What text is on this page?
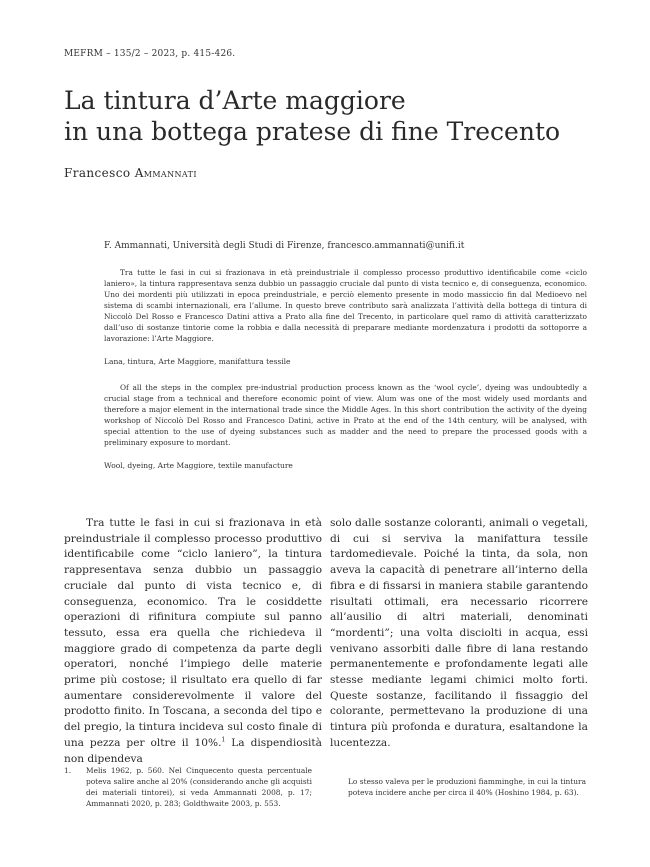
MEFRM – 135/2 – 2023, p. 415-426.
La tintura d’Arte maggiore
in una bottega pratese di fine Trecento
Francesco Ammannati
F. Ammannati, Università degli Studi di Firenze, francesco.ammannati@unifi.it

Tra tutte le fasi in cui si frazionava in età preindustriale il complesso processo produttivo identificabile come «ciclo laniero», la tintura rappresentava senza dubbio un passaggio cruciale dal punto di vista tecnico e, di conseguenza, economico. Uno dei mordenti più utilizzati in epoca preindustriale, e perciò elemento presente in modo massiccio fin dal Medioevo nel sistema di scambi internazionali, era l’allume. In questo breve contributo sarà analizzata l’attività della bottega di tintura di Niccolò Del Rosso e Francesco Datini attiva a Prato alla fine del Trecento, in particolare quel ramo di attività caratterizzato dall’uso di sostanze tintorie come la robbia e dalla necessità di preparare mediante mordenzatura i prodotti da sottoporre a lavorazione: l’Arte Maggiore.

Lana, tintura, Arte Maggiore, manifattura tessile

Of all the steps in the complex pre-industrial production process known as the ‘wool cycle’, dyeing was undoubtedly a crucial stage from a technical and therefore economic point of view. Alum was one of the most widely used mordants and therefore a major element in the international trade since the Middle Ages. In this short contribution the activity of the dyeing workshop of Niccolò Del Rosso and Francesco Datini, active in Prato at the end of the 14th century, will be analysed, with special attention to the use of dyeing substances such as madder and the need to prepare the processed goods with a preliminary exposure to mordant.

Wool, dyeing, Arte Maggiore, textile manufacture

Tra tutte le fasi in cui si frazionava in età preindustriale il complesso processo produttivo identificabile come “ciclo laniero”, la tintura rappresentava senza dubbio un passaggio cruciale dal punto di vista tecnico e, di conseguenza, economico. Tra le cosiddette operazioni di rifinitura compiute sul panno tessuto, essa era quella che richiedeva il maggiore grado di competenza da parte degli operatori, nonché l’impiego delle materie prime più costose; il risultato era quello di far aumentare considerevolmente il valore del prodotto finito. In Toscana, a seconda del tipo e del pregio, la tintura incideva sul costo finale di una pezza per oltre il 10%.$^1$ La dispendiosità non dipendeva

solo dalle sostanze coloranti, animali o vegetali, di cui si serviva la manifattura tessile tardomedievale. Poiché la tinta, da sola, non aveva la capacità di penetrare all’interno della fibra e di fissarsi in maniera stabile garantendo risultati ottimali, era necessario ricorrere all’ausilio di altri materiali, denominati “mordenti”; una volta disciolti in acqua, essi venivano assorbiti dalle fibre di lana restando permanentemente e profondamente legati alle stesse mediante legami chimici molto forti. Queste sostanze, facilitando il fissaggio del colorante, permettevano la produzione di una tintura più profonda e duratura, esaltandone la lucentezza.

1. Melis 1962, p. 560. Nel Cinquecento questa percentuale poteva salire anche al 20% (considerando anche gli acquisti dei materiali tintorei), si veda Ammannati 2008, p. 17; Ammannati 2020, p. 283; Goldthwaite 2003, p. 553.

Lo stesso valeva per le produzioni fiamminghe, in cui la tintura poteva incidere anche per circa il 40% (Hoshino 1984, p. 63).
